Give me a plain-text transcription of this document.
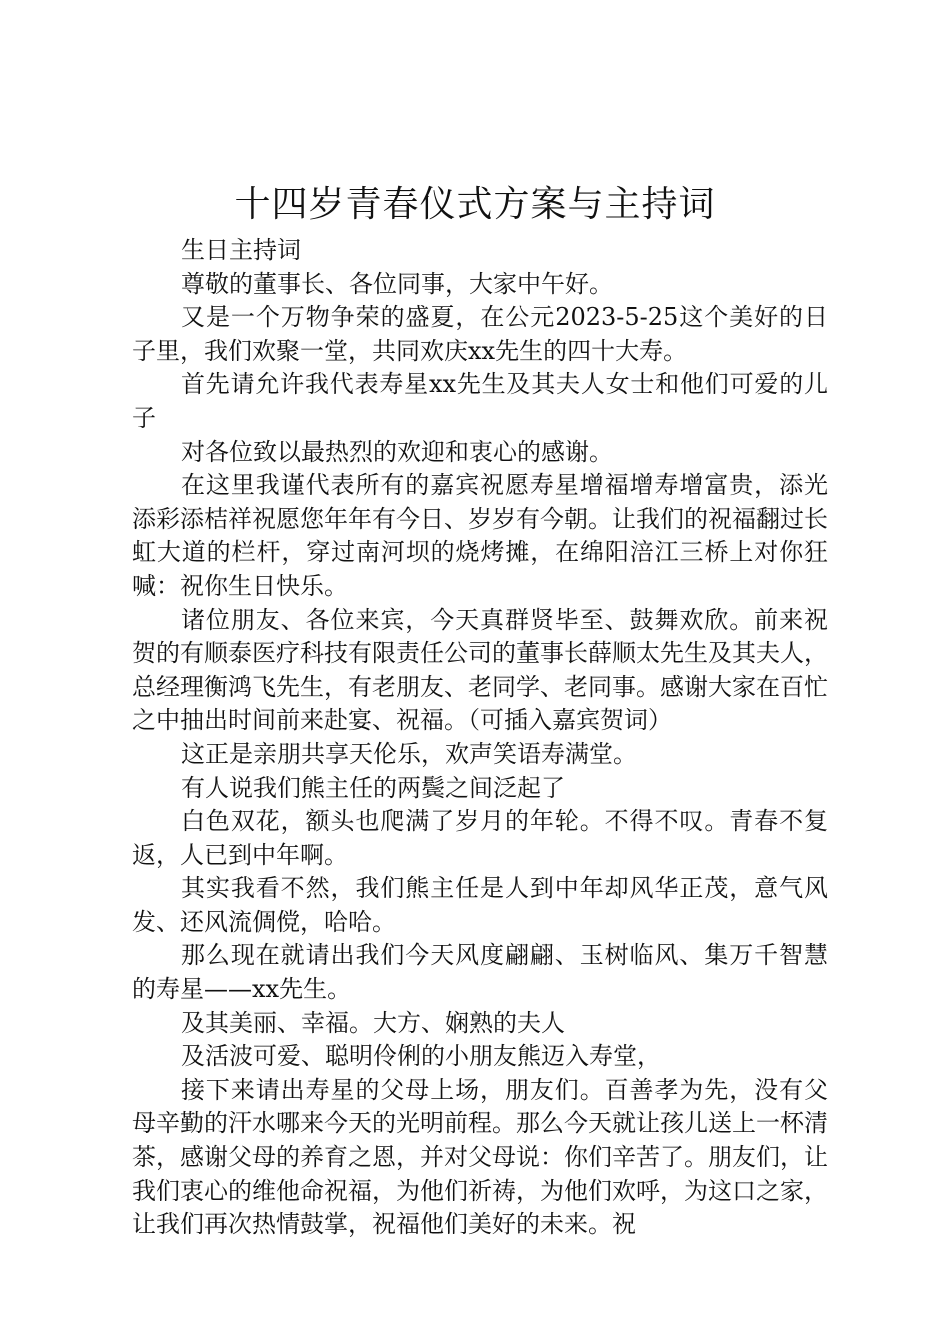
十四岁青春仪式方案与主持词

生日主持词

尊敬的董事长、各位同事，大家中午好。

又是一个万物争荣的盛夏，在公元2023-5-25这个美好的日子里，我们欢聚一堂，共同欢庆xx先生的四十大寿。

首先请允许我代表寿星xx先生及其夫人女士和他们可爱的儿子

对各位致以最热烈的欢迎和衷心的感谢。

在这里我谨代表所有的嘉宾祝愿寿星增福增寿增富贵，添光添彩添桔祥祝愿您年年有今日、岁岁有今朝。让我们的祝福翻过长虹大道的栏杆，穿过南河坝的烧烤摊，在绵阳涪江三桥上对你狂喊：祝你生日快乐。

诸位朋友、各位来宾，今天真群贤毕至、鼓舞欢欣。前来祝贺的有顺泰医疗科技有限责任公司的董事长薛顺太先生及其夫人，总经理衡鸿飞先生，有老朋友、老同学、老同事。感谢大家在百忙之中抽出时间前来赴宴、祝福。（可插入嘉宾贺词）

这正是亲朋共享天伦乐，欢声笑语寿满堂。

有人说我们熊主任的两鬓之间泛起了

白色双花，额头也爬满了岁月的年轮。不得不叹。青春不复返，人已到中年啊。

其实我看不然，我们熊主任是人到中年却风华正茂，意气风发、还风流倜傥，哈哈。

那么现在就请出我们今天风度翩翩、玉树临风、集万千智慧的寿星——xx先生。

及其美丽、幸福。大方、娴熟的夫人

及活波可爱、聪明伶俐的小朋友熊迈入寿堂，

接下来请出寿星的父母上场，朋友们。百善孝为先，没有父母辛勤的汗水哪来今天的光明前程。那么今天就让孩儿送上一杯清茶，感谢父母的养育之恩，并对父母说：你们辛苦了。朋友们，让我们衷心的维他命祝福，为他们祈祷，为他们欢呼，为这口之家，让我们再次热情鼓掌，祝福他们美好的未来。祝
